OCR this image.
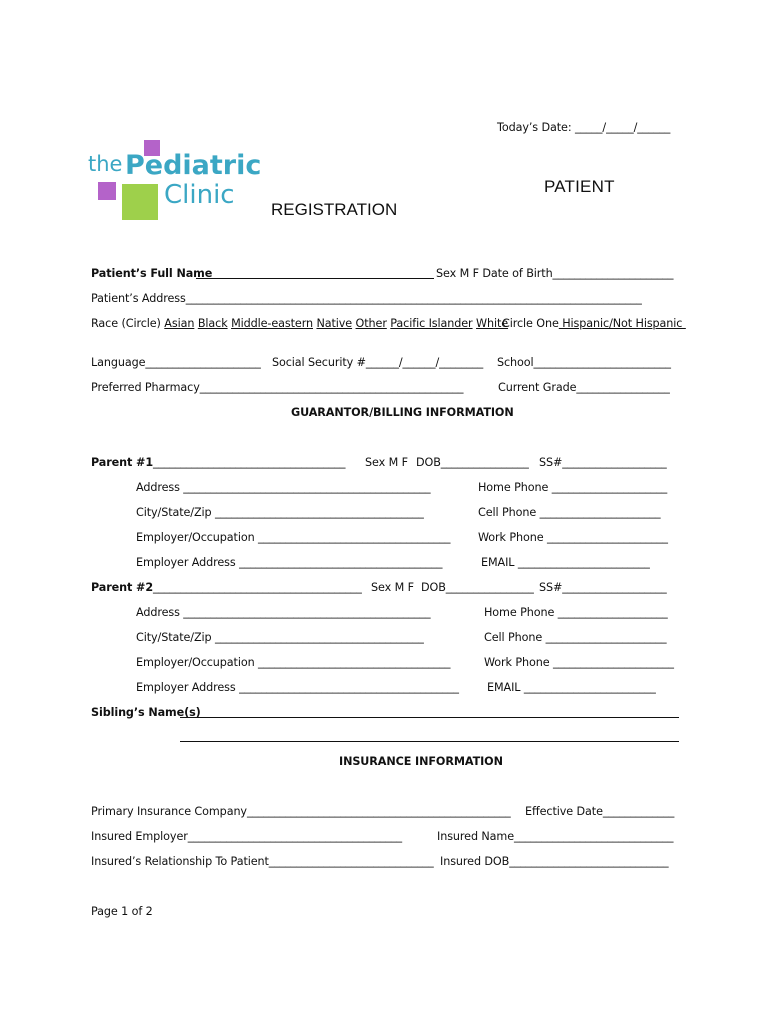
Today’s Date: _____/_____/______
the Pediatric
Clinic	PATIENT
REGISTRATION
Patient’s Full Name	Sex M F Date of Birth______________________
Patient’s Address___________________________________________________________________________________
Race (Circle) Asian Black Middle-eastern Native Other Pacific Islander White
Circle One Hispanic/Not Hispanic
Language_____________________ Social Security #______/______/________ School_________________________
Preferred Pharmacy________________________________________________	Current Grade_________________
GUARANTOR/BILLING INFORMATION
Parent #1___________________________________ Sex M F DOB________________ SS#___________________
Address _____________________________________________	Home Phone _____________________
City/State/Zip ______________________________________	Cell Phone ______________________
Employer/Occupation ___________________________________ Work Phone ______________________
Employer Address _____________________________________	EMAIL ________________________
Parent #2______________________________________ Sex M F DOB________________ SS#___________________
Address _____________________________________________	Home Phone ____________________
City/State/Zip ______________________________________	Cell Phone ______________________
Employer/Occupation ___________________________________	Work Phone ______________________
Employer Address ________________________________________	EMAIL ________________________
Sibling’s Name(s)
INSURANCE INFORMATION
Primary Insurance Company________________________________________________ Effective Date_____________
Insured Employer_______________________________________	Insured Name_____________________________
Insured’s Relationship To Patient______________________________ Insured DOB_____________________________
Page 1 of 2
